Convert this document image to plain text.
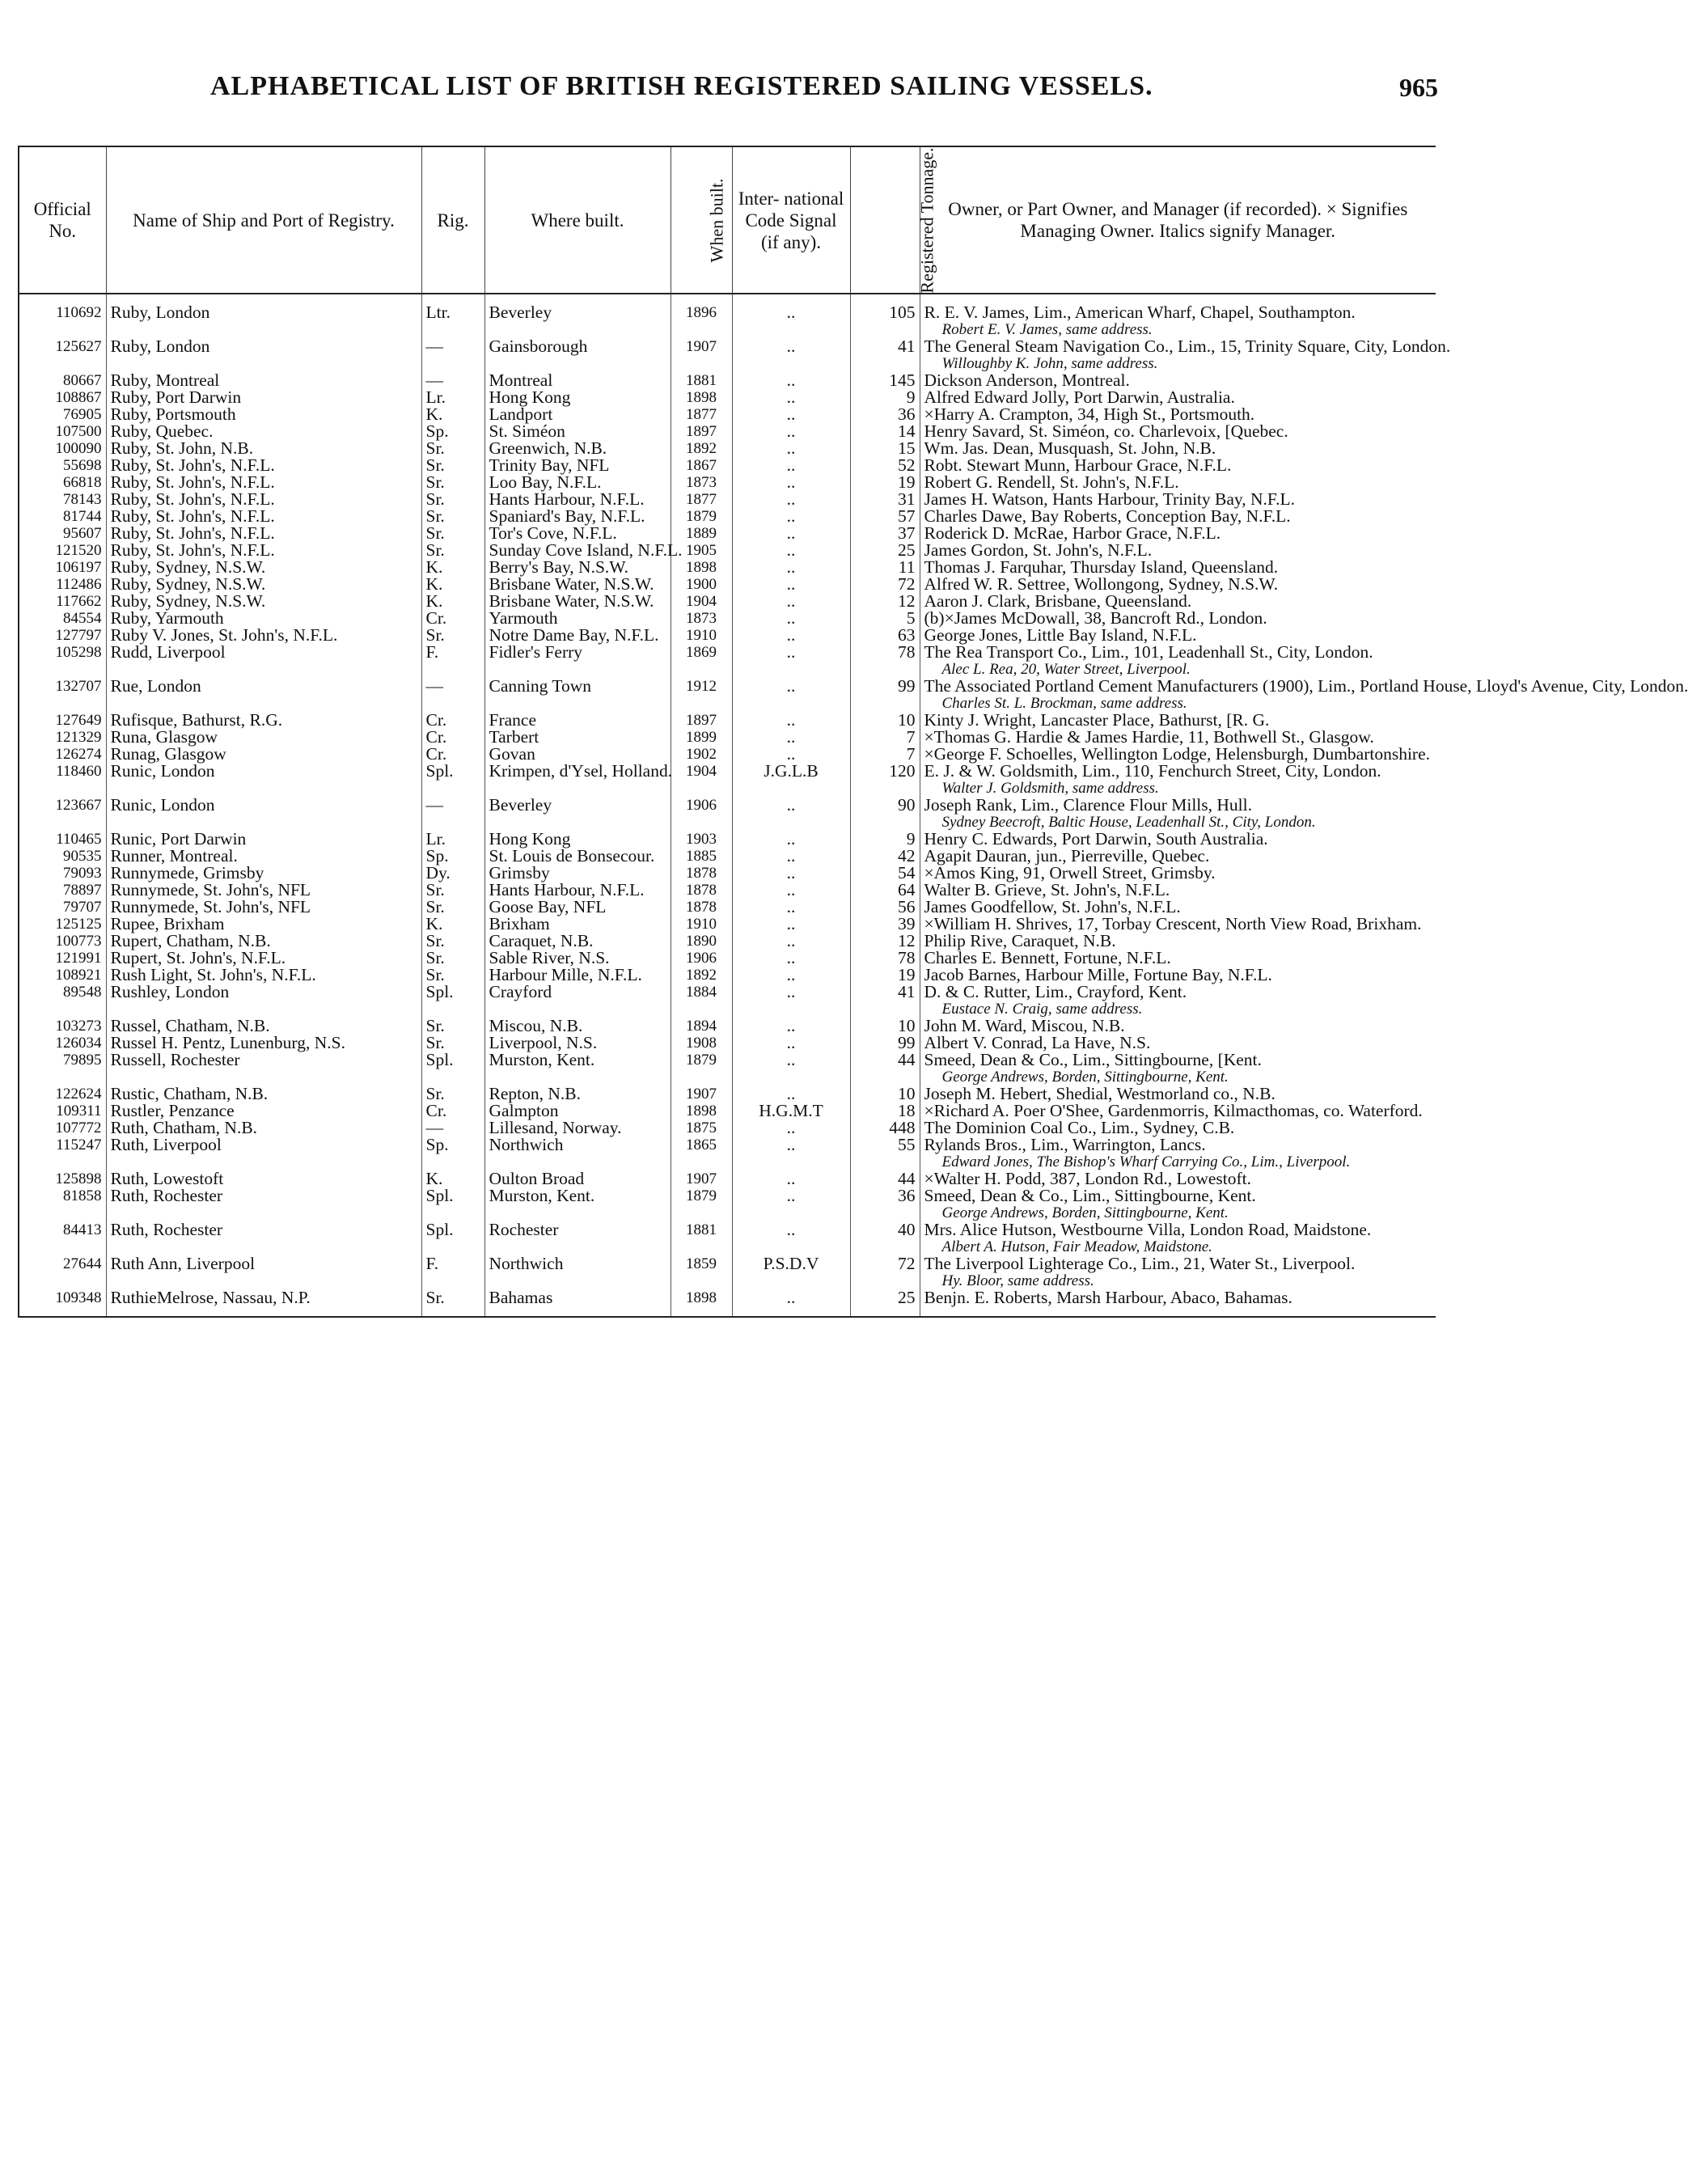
ALPHABETICAL LIST OF BRITISH REGISTERED SAILING VESSELS.	965
Official No.	Name of Ship and Port of Registry.	Rig.	Where built.	When built.	Inter- national Code Signal (if any).	Registered Tonnage.	Owner, or Part Owner, and Manager (if recorded). × Signifies Managing Owner. Italics signify Manager.
110692	Ruby, London	Ltr.	Beverley	1896	..	105	R. E. V. James, Lim., American Wharf, Chapel, Southampton.
Robert E. V. James, same address.

125627	Ruby, London	—	Gainsborough	1907	..	41	The General Steam Navigation Co., Lim., 15, Trinity Square, City, London.
Willoughby K. John, same address.

80667	Ruby, Montreal	—	Montreal	1881	..	145	Dickson Anderson, Montreal.

108867	Ruby, Port Darwin	Lr.	Hong Kong	1898	..	9	Alfred Edward Jolly, Port Darwin, Australia.

76905	Ruby, Portsmouth	K.	Landport	1877	..	36	×Harry A. Crampton, 34, High St., Portsmouth.

107500	Ruby, Quebec.	Sp.	St. Siméon	1897	..	14	Henry Savard, St. Siméon, co. Charlevoix, [Quebec.

100090	Ruby, St. John, N.B.	Sr.	Greenwich, N.B.	1892	..	15	Wm. Jas. Dean, Musquash, St. John, N.B.

55698	Ruby, St. John's, N.F.L.	Sr.	Trinity Bay, NFL	1867	..	52	Robt. Stewart Munn, Harbour Grace, N.F.L.

66818	Ruby, St. John's, N.F.L.	Sr.	Loo Bay, N.F.L.	1873	..	19	Robert G. Rendell, St. John's, N.F.L.

78143	Ruby, St. John's, N.F.L.	Sr.	Hants Harbour, N.F.L.	1877	..	31	James H. Watson, Hants Harbour, Trinity Bay, N.F.L.

81744	Ruby, St. John's, N.F.L.	Sr.	Spaniard's Bay, N.F.L.	1879	..	57	Charles Dawe, Bay Roberts, Conception Bay, N.F.L.

95607	Ruby, St. John's, N.F.L.	Sr.	Tor's Cove, N.F.L.	1889	..	37	Roderick D. McRae, Harbor Grace, N.F.L.

121520	Ruby, St. John's, N.F.L.	Sr.	Sunday Cove Island, N.F.L.	1905	..	25	James Gordon, St. John's, N.F.L.

106197	Ruby, Sydney, N.S.W.	K.	Berry's Bay, N.S.W.	1898	..	11	Thomas J. Farquhar, Thursday Island, Queensland.

112486	Ruby, Sydney, N.S.W.	K.	Brisbane Water, N.S.W.	1900	..	72	Alfred W. R. Settree, Wollongong, Sydney, N.S.W.

117662	Ruby, Sydney, N.S.W.	K.	Brisbane Water, N.S.W.	1904	..	12	Aaron J. Clark, Brisbane, Queensland.

84554	Ruby, Yarmouth	Cr.	Yarmouth	1873	..	5	(b)×James McDowall, 38, Bancroft Rd., London.

127797	Ruby V. Jones, St. John's, N.F.L.	Sr.	Notre Dame Bay, N.F.L.	1910	..	63	George Jones, Little Bay Island, N.F.L.

105298	Rudd, Liverpool	F.	Fidler's Ferry	1869	..	78	The Rea Transport Co., Lim., 101, Leadenhall St., City, London.
Alec L. Rea, 20, Water Street, Liverpool.

132707	Rue, London	—	Canning Town	1912	..	99	The Associated Portland Cement Manufacturers (1900), Lim., Portland House, Lloyd's Avenue, City, London.
Charles St. L. Brockman, same address.

127649	Rufisque, Bathurst, R.G.	Cr.	France	1897	..	10	Kinty J. Wright, Lancaster Place, Bathurst, [R. G.

121329	Runa, Glasgow	Cr.	Tarbert	1899	..	7	×Thomas G. Hardie & James Hardie, 11, Bothwell St., Glasgow.

126274	Runag, Glasgow	Cr.	Govan	1902	..	7	×George F. Schoelles, Wellington Lodge, Helensburgh, Dumbartonshire.

118460	Runic, London	Spl.	Krimpen, d'Ysel, Holland.	1904	J.G.L.B	120	E. J. & W. Goldsmith, Lim., 110, Fenchurch Street, City, London.
Walter J. Goldsmith, same address.

123667	Runic, London	—	Beverley	1906	..	90	Joseph Rank, Lim., Clarence Flour Mills, Hull.
Sydney Beecroft, Baltic House, Leadenhall St., City, London.

110465	Runic, Port Darwin	Lr.	Hong Kong	1903	..	9	Henry C. Edwards, Port Darwin, South Australia.

90535	Runner, Montreal.	Sp.	St. Louis de Bonsecour.	1885	..	42	Agapit Dauran, jun., Pierreville, Quebec.

79093	Runnymede, Grimsby	Dy.	Grimsby	1878	..	54	×Amos King, 91, Orwell Street, Grimsby.

78897	Runnymede, St. John's, NFL	Sr.	Hants Harbour, N.F.L.	1878	..	64	Walter B. Grieve, St. John's, N.F.L.

79707	Runnymede, St. John's, NFL	Sr.	Goose Bay, NFL	1878	..	56	James Goodfellow, St. John's, N.F.L.

125125	Rupee, Brixham	K.	Brixham	1910	..	39	×William H. Shrives, 17, Torbay Crescent, North View Road, Brixham.

100773	Rupert, Chatham, N.B.	Sr.	Caraquet, N.B.	1890	..	12	Philip Rive, Caraquet, N.B.

121991	Rupert, St. John's, N.F.L.	Sr.	Sable River, N.S.	1906	..	78	Charles E. Bennett, Fortune, N.F.L.

108921	Rush Light, St. John's, N.F.L.	Sr.	Harbour Mille, N.F.L.	1892	..	19	Jacob Barnes, Harbour Mille, Fortune Bay, N.F.L.

89548	Rushley, London	Spl.	Crayford	1884	..	41	D. & C. Rutter, Lim., Crayford, Kent.
Eustace N. Craig, same address.

103273	Russel, Chatham, N.B.	Sr.	Miscou, N.B.	1894	..	10	John M. Ward, Miscou, N.B.

126034	Russel H. Pentz, Lunenburg, N.S.	Sr.	Liverpool, N.S.	1908	..	99	Albert V. Conrad, La Have, N.S.

79895	Russell, Rochester	Spl.	Murston, Kent.	1879	..	44	Smeed, Dean & Co., Lim., Sittingbourne, [Kent.
George Andrews, Borden, Sittingbourne, Kent.

122624	Rustic, Chatham, N.B.	Sr.	Repton, N.B.	1907	..	10	Joseph M. Hebert, Shedial, Westmorland co., N.B.

109311	Rustler, Penzance	Cr.	Galmpton	1898	H.G.M.T	18	×Richard A. Poer O'Shee, Gardenmorris, Kilmacthomas, co. Waterford.

107772	Ruth, Chatham, N.B.	—	Lillesand, Norway.	1875	..	448	The Dominion Coal Co., Lim., Sydney, C.B.

115247	Ruth, Liverpool	Sp.	Northwich	1865	..	55	Rylands Bros., Lim., Warrington, Lancs.
Edward Jones, The Bishop's Wharf Carrying Co., Lim., Liverpool.

125898	Ruth, Lowestoft	K.	Oulton Broad	1907	..	44	×Walter H. Podd, 387, London Rd., Lowestoft.

81858	Ruth, Rochester	Spl.	Murston, Kent.	1879	..	36	Smeed, Dean & Co., Lim., Sittingbourne, Kent.
George Andrews, Borden, Sittingbourne, Kent.

84413	Ruth, Rochester	Spl.	Rochester	1881	..	40	Mrs. Alice Hutson, Westbourne Villa, London Road, Maidstone.
Albert A. Hutson, Fair Meadow, Maidstone.

27644	Ruth Ann, Liverpool	F.	Northwich	1859	P.S.D.V	72	The Liverpool Lighterage Co., Lim., 21, Water St., Liverpool.
Hy. Bloor, same address.

109348	RuthieMelrose, Nassau, N.P.	Sr.	Bahamas	1898	..	25	Benjn. E. Roberts, Marsh Harbour, Abaco, Bahamas.
